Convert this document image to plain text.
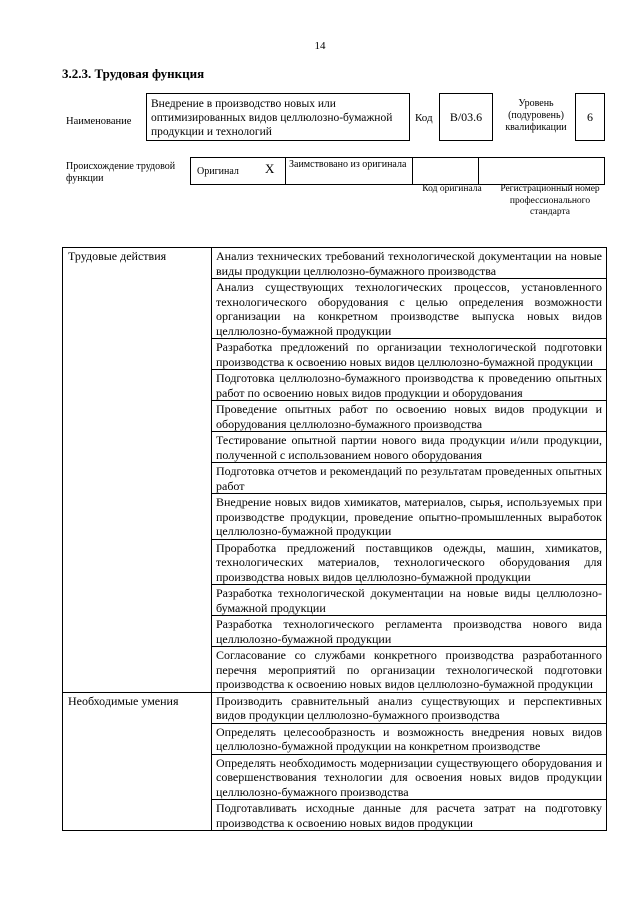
14
3.2.3. Трудовая функция
Наименование
Внедрение в производство новых или оптимизированных видов целлюлозно-бумажной продукции и технологий
Код	B/03.6
Уровень (подуровень) квалификации
6
Происхождение трудовой функции
Оригинал X	Заимствовано из оригинала
Код оригинала	Регистрационный номер профессионального стандарта
Трудовые действия	Анализ технических требований технологической документации на новые виды продукции целлюлозно-бумажного производства
	Анализ существующих технологических процессов, установленного технологического оборудования с целью определения возможности организации на конкретном производстве выпуска новых видов целлюлозно-бумажной продукции
	Разработка предложений по организации технологической подготовки производства к освоению новых видов целлюлозно-бумажной продукции
	Подготовка целлюлозно-бумажного производства к проведению опытных работ по освоению новых видов продукции и оборудования
	Проведение опытных работ по освоению новых видов продукции и оборудования целлюлозно-бумажного производства
	Тестирование опытной партии нового вида продукции и/или продукции, полученной с использованием нового оборудования
	Подготовка отчетов и рекомендаций по результатам проведенных опытных работ
	Внедрение новых видов химикатов, материалов, сырья, используемых при производстве продукции, проведение опытно-промышленных выработок целлюлозно-бумажной продукции
	Проработка предложений поставщиков одежды, машин, химикатов, технологических материалов, технологического оборудования для производства новых видов целлюлозно-бумажной продукции
	Разработка технологической документации на новые виды целлюлозно-бумажной продукции
	Разработка технологического регламента производства нового вида целлюлозно-бумажной продукции
	Согласование со службами конкретного производства разработанного перечня мероприятий по организации технологической подготовки производства к освоению новых видов целлюлозно-бумажной продукции
Необходимые умения	Производить сравнительный анализ существующих и перспективных видов продукции целлюлозно-бумажного производства
	Определять целесообразность и возможность внедрения новых видов целлюлозно-бумажной продукции на конкретном производстве
	Определять необходимость модернизации существующего оборудования и совершенствования технологии для освоения новых видов продукции целлюлозно-бумажного производства
	Подготавливать исходные данные для расчета затрат на подготовку производства к освоению новых видов продукции
